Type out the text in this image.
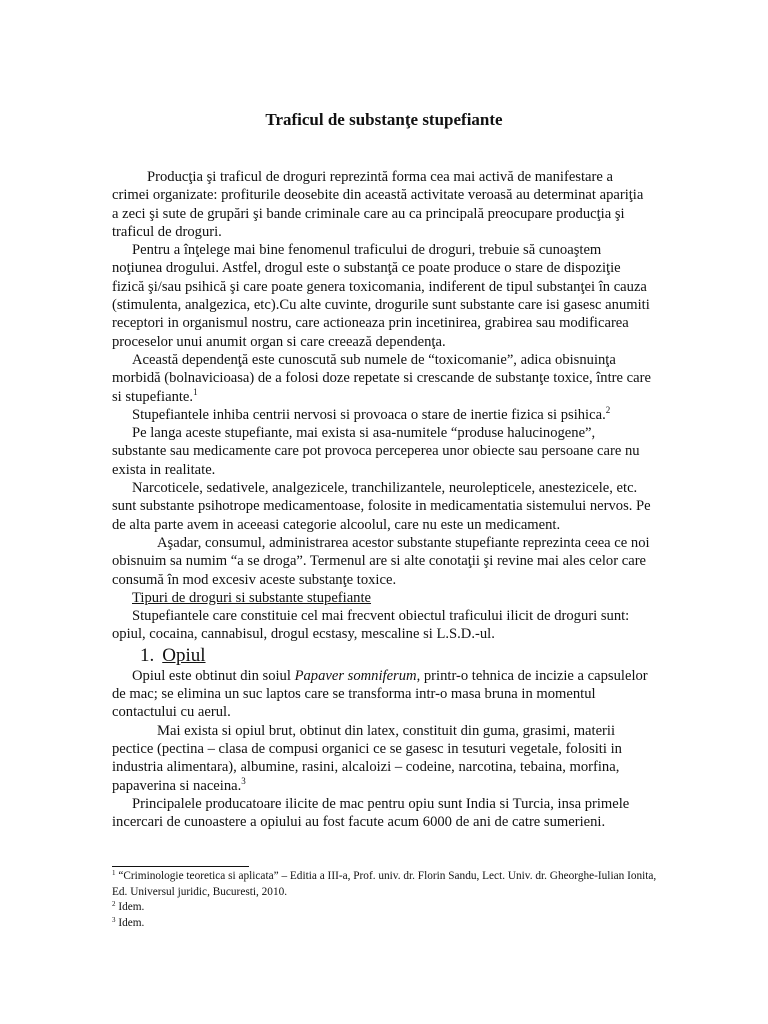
Traficul de substanţe stupefiante

Producţia şi traficul de droguri reprezintă forma cea mai activă de manifestare a crimei organizate: profiturile deosebite din această activitate veroasă au determinat apariţia a zeci şi sute de grupări şi bande criminale care au ca principală preocupare producţia şi traficul de droguri.

Pentru a înţelege mai bine fenomenul traficului de droguri, trebuie să cunoaştem noţiunea drogului. Astfel, drogul este o substanţă ce poate produce o stare de dispoziţie fizică şi/sau psihică şi care poate genera toxicomania, indiferent de tipul substanţei în cauza (stimulenta, analgezica, etc).Cu alte cuvinte, drogurile sunt substante care isi gasesc anumiti receptori in organismul nostru, care actioneaza prin incetinirea, grabirea sau modificarea proceselor unui anumit organ si care creează dependenţa.

Această dependenţă este cunoscută sub numele de “toxicomanie”, adica obisnuinţa morbidă (bolnavicioasa) de a folosi doze repetate si crescande de substanţe toxice, între care si stupefiante.$^1$

Stupefiantele inhiba centrii nervosi si provoaca o stare de inertie fizica si psihica.$^2$

Pe langa aceste stupefiante, mai exista si asa-numitele “produse halucinogene”, substante sau medicamente care pot provoca perceperea unor obiecte sau persoane care nu exista in realitate.

Narcoticele, sedativele, analgezicele, tranchilizantele, neurolepticele, anestezicele, etc. sunt substante psihotrope medicamentoase, folosite in medicamentatia sistemului nervos. Pe de alta parte avem in aceeasi categorie alcoolul, care nu este un medicament.

Aşadar, consumul, administrarea acestor substante stupefiante reprezinta ceea ce noi obisnuim sa numim “a se droga”. Termenul are si alte conotaţii şi revine mai ales celor care consumă în mod excesiv aceste substanţe toxice.

Tipuri de droguri si substante stupefiante

Stupefiantele care constituie cel mai frecvent obiectul traficului ilicit de droguri sunt: opiul, cocaina, cannabisul, drogul ecstasy, mescaline si L.S.D.-ul.

1. Opiul

Opiul este obtinut din soiul Papaver somniferum, printr-o tehnica de incizie a capsulelor de mac; se elimina un suc laptos care se transforma intr-o masa bruna in momentul contactului cu aerul.

Mai exista si opiul brut, obtinut din latex, constituit din guma, grasimi, materii pectice (pectina – clasa de compusi organici ce se gasesc in tesuturi vegetale, folositi in industria alimentara), albumine, rasini, alcaloizi – codeine, narcotina, tebaina, morfina, papaverina si naceina.$^3$

Principalele producatoare ilicite de mac pentru opiu sunt India si Turcia, insa primele incercari de cunoastere a opiului au fost facute acum 6000 de ani de catre sumerieni.

$^1$ “Criminologie teoretica si aplicata” – Editia a III-a, Prof. univ. dr. Florin Sandu, Lect. Univ. dr. Gheorghe-Iulian Ionita, Ed. Universul juridic, Bucuresti, 2010.

$^2$ Idem.

$^3$ Idem.
